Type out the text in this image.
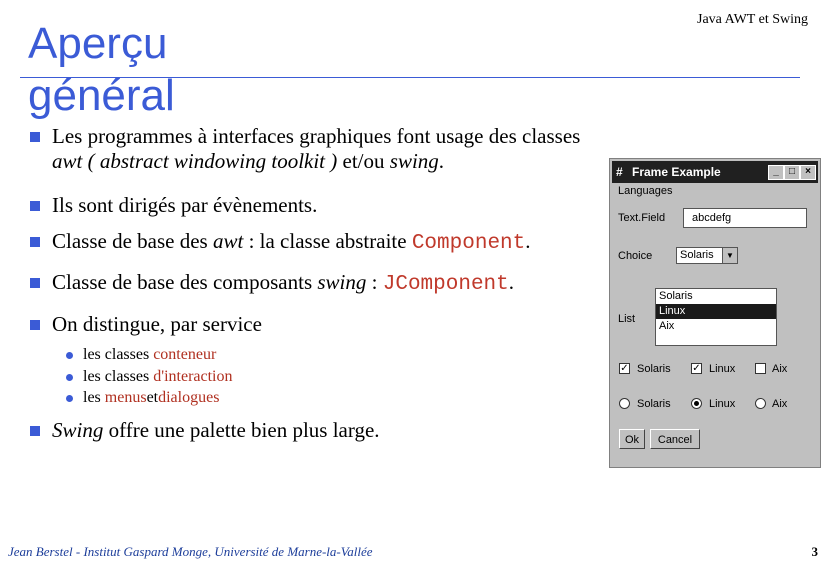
Aperçu
général
Java AWT et Swing
Les programmes à interfaces graphiques font usage des classes
awt ( abstract windowing toolkit ) et/ou swing.
Ils sont dirigés par évènements.
Classe de base des awt : la classe abstraite Component.
Classe de base des composants swing : JComponent.
On distingue, par service
les classes
conteneur
les classes
d'interaction
les
menus et dialogues
Swing offre une palette bien plus large.
# Frame Example	_	□	×
Languages
Text.Field	abcdefg
Choice	Solaris	▼
List
Solaris
Linux
Aix
✓ Solaris ✓ Linux	Aix
Solaris	Linux	Aix
Ok	Cancel
Jean Berstel - Institut Gaspard Monge, Université de Marne-la-Vallée	3
